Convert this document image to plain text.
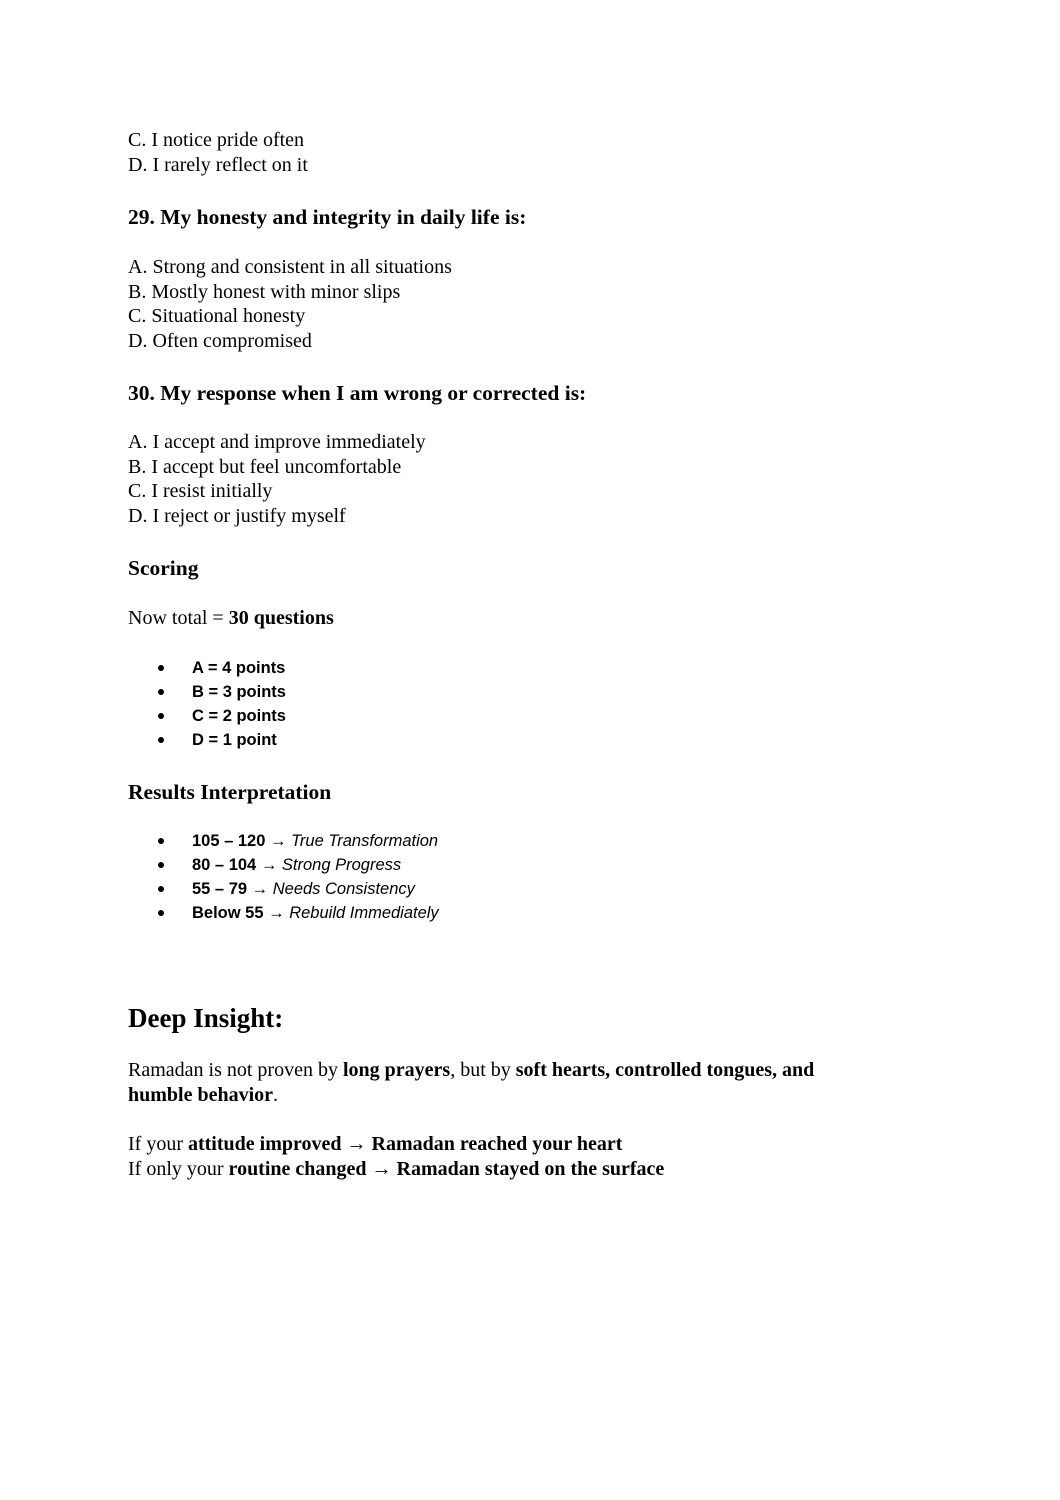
C. I notice pride often

D. I rarely reflect on it

29. My honesty and integrity in daily life is:

A. Strong and consistent in all situations

B. Mostly honest with minor slips

C. Situational honesty

D. Often compromised

30. My response when I am wrong or corrected is:

A. I accept and improve immediately

B. I accept but feel uncomfortable

C. I resist initially

D. I reject or justify myself

Scoring

Now total = 30 questions

A = 4 points
B = 3 points
C = 2 points
D = 1 point

Results Interpretation

105 – 120 → True Transformation
80 – 104 → Strong Progress
55 – 79 → Needs Consistency
Below 55 → Rebuild Immediately

Deep Insight:

Ramadan is not proven by long prayers, but by soft hearts, controlled tongues, and

humble behavior.

If your attitude improved → Ramadan reached your heart

If only your routine changed → Ramadan stayed on the surface
